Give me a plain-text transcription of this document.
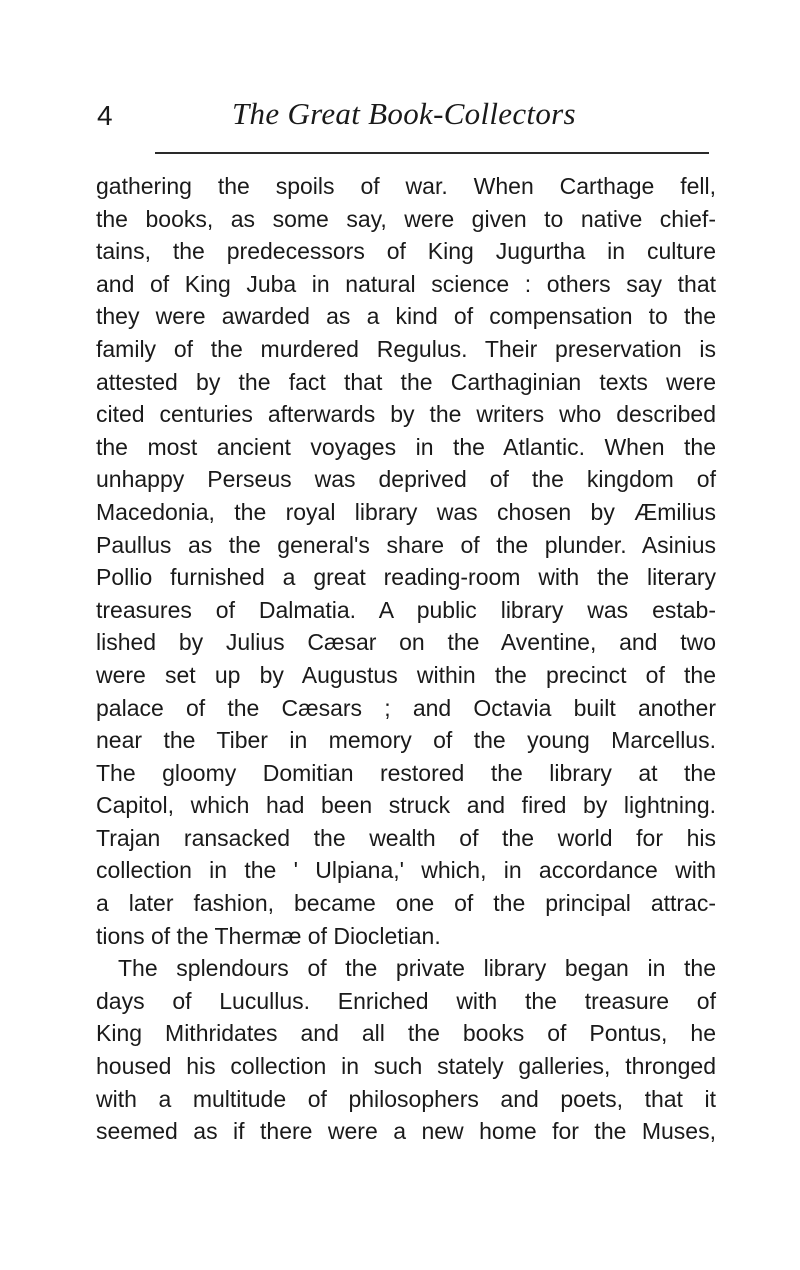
4	The Great Book-Collectors
gathering the spoils of war. When Carthage fell,
the books, as some say, were given to native chief-
tains, the predecessors of King Jugurtha in culture
and of King Juba in natural science : others say that
they were awarded as a kind of compensation to the
family of the murdered Regulus. Their preservation is
attested by the fact that the Carthaginian texts were
cited centuries afterwards by the writers who described
the most ancient voyages in the Atlantic. When the
unhappy Perseus was deprived of the kingdom of
Macedonia, the royal library was chosen by Æmilius
Paullus as the general's share of the plunder. Asinius
Pollio furnished a great reading-room with the literary
treasures of Dalmatia. A public library was estab-
lished by Julius Cæsar on the Aventine, and two
were set up by Augustus within the precinct of the
palace of the Cæsars ; and Octavia built another
near the Tiber in memory of the young Marcellus.
The gloomy Domitian restored the library at the
Capitol, which had been struck and fired by lightning.
Trajan ransacked the wealth of the world for his
collection in the ' Ulpiana,' which, in accordance with
a later fashion, became one of the principal attrac-
tions of the Thermæ of Diocletian.
The splendours of the private library began in the
days of Lucullus. Enriched with the treasure of
King Mithridates and all the books of Pontus, he
housed his collection in such stately galleries, thronged
with a multitude of philosophers and poets, that it
seemed as if there were a new home for the Muses,
